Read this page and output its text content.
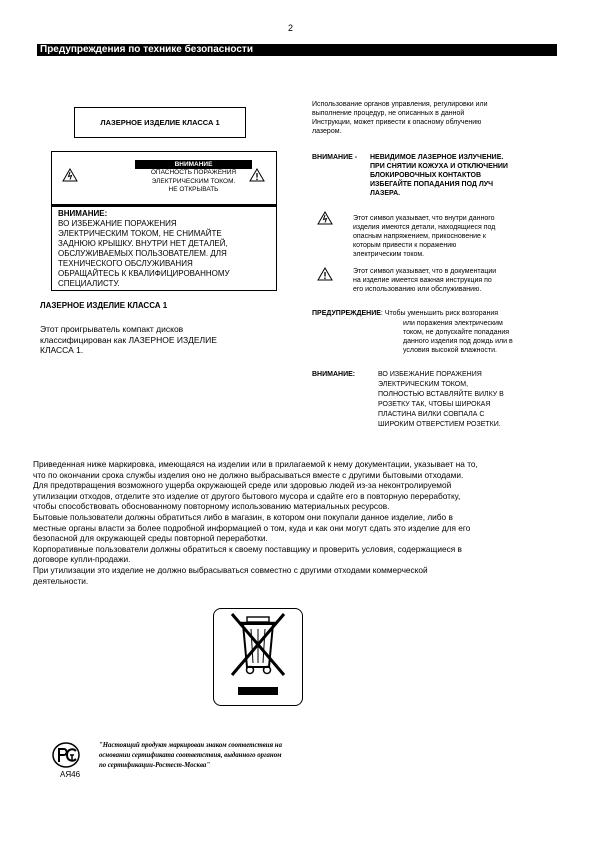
2
Предупреждения по технике безопасности
ЛАЗЕРНОЕ ИЗДЕЛИЕ КЛАССА 1
ВНИМАНИЕ
ОПАСНОСТЬ ПОРАЖЕНИЯ
ЭЛЕКТРИЧЕСКИМ ТОКОМ.
НЕ ОТКРЫВАТЬ
ВНИМАНИЕ:
ВО ИЗБЕЖАНИЕ ПОРАЖЕНИЯ
ЭЛЕКТРИЧЕСКИМ ТОКОМ, НЕ СНИМАЙТЕ
ЗАДНЮЮ КРЫШКУ. ВНУТРИ НЕТ ДЕТАЛЕЙ,
ОБСЛУЖИВАЕМЫХ ПОЛЬЗОВАТЕЛЕМ. ДЛЯ
ТЕХНИЧЕСКОГО ОБСЛУЖИВАНИЯ
ОБРАЩАЙТЕСЬ К КВАЛИФИЦИРОВАННОМУ
СПЕЦИАЛИСТУ.
ЛАЗЕРНОЕ ИЗДЕЛИЕ КЛАССА 1
Этот проигрыватель компакт дисков
классифицирован как ЛАЗЕРНОЕ ИЗДЕЛИЕ
КЛАССА 1.
Использование органов управления, регулировки или
выполнение процедур, не описанных в данной
Инструкции, может привести к опасному облучению
лазером.
ВНИМАНИЕ - НЕВИДИМОЕ ЛАЗЕРНОЕ ИЗЛУЧЕНИЕ.
ПРИ СНЯТИИ КОЖУХА И ОТКЛЮЧЕНИИ
БЛОКИРОВОЧНЫХ КОНТАКТОВ
ИЗБЕГАЙТЕ ПОПАДАНИЯ ПОД ЛУЧ
ЛАЗЕРА.
Этот символ указывает, что внутри данного
изделия имеются детали, находящиеся под
опасным напряжением, прикосновение к
которым привести к поражению
электрическим током.
Этот символ указывает, что в документации
на изделие имеется важная инструкция по
его использованию или обслуживанию.
ПРЕДУПРЕЖДЕНИЕ: Чтобы уменьшить риск возгорания
или поражения электрическим
током, не допускайте попадания
данного изделия под дождь или в
условия высокой влажности.
ВНИМАНИЕ:	ВО ИЗБЕЖАНИЕ ПОРАЖЕНИЯ
ЭЛЕКТРИЧЕСКИМ ТОКОМ,
ПОЛНОСТЬЮ ВСТАВЛЯЙТЕ ВИЛКУ В
РОЗЕТКУ ТАК, ЧТОБЫ ШИРОКАЯ
ПЛАСТИНА ВИЛКИ СОВПАЛА С
ШИРОКИМ ОТВЕРСТИЕМ РОЗЕТКИ.

Приведенная ниже маркировка, имеющаяся на изделии или в прилагаемой к нему документации, указывает на то,

что по окончании срока службы изделия оно не должно выбрасываться вместе с другими бытовыми отходами.

Для предотвращения возможного ущерба окружающей среде или здоровью людей из-за неконтролируемой

утилизации отходов, отделите это изделие от другого бытового мусора и сдайте его в повторную переработку,

чтобы способствовать обоснованному повторному использованию материальных ресурсов.

Бытовые пользователи должны обратиться либо в магазин, в котором они покупали данное изделие, либо в

местные органы власти за более подробной информацией о том, куда и как они могут сдать это изделие для его

безопасной для окружающей среды повторной переработки.

Корпоративные пользователи должны обратиться к своему поставщику и проверить условия, содержащиеся в

договоре купли-продажи.

При утилизации это изделие не должно выбрасываться совместно с другими отходами коммерческой

деятельности.

АЯ46
"Настоящий продукт маркирован знаком соответствия на
основании сертификата соответствия, выданного органом
по сертификации-Ростест-Москва"
